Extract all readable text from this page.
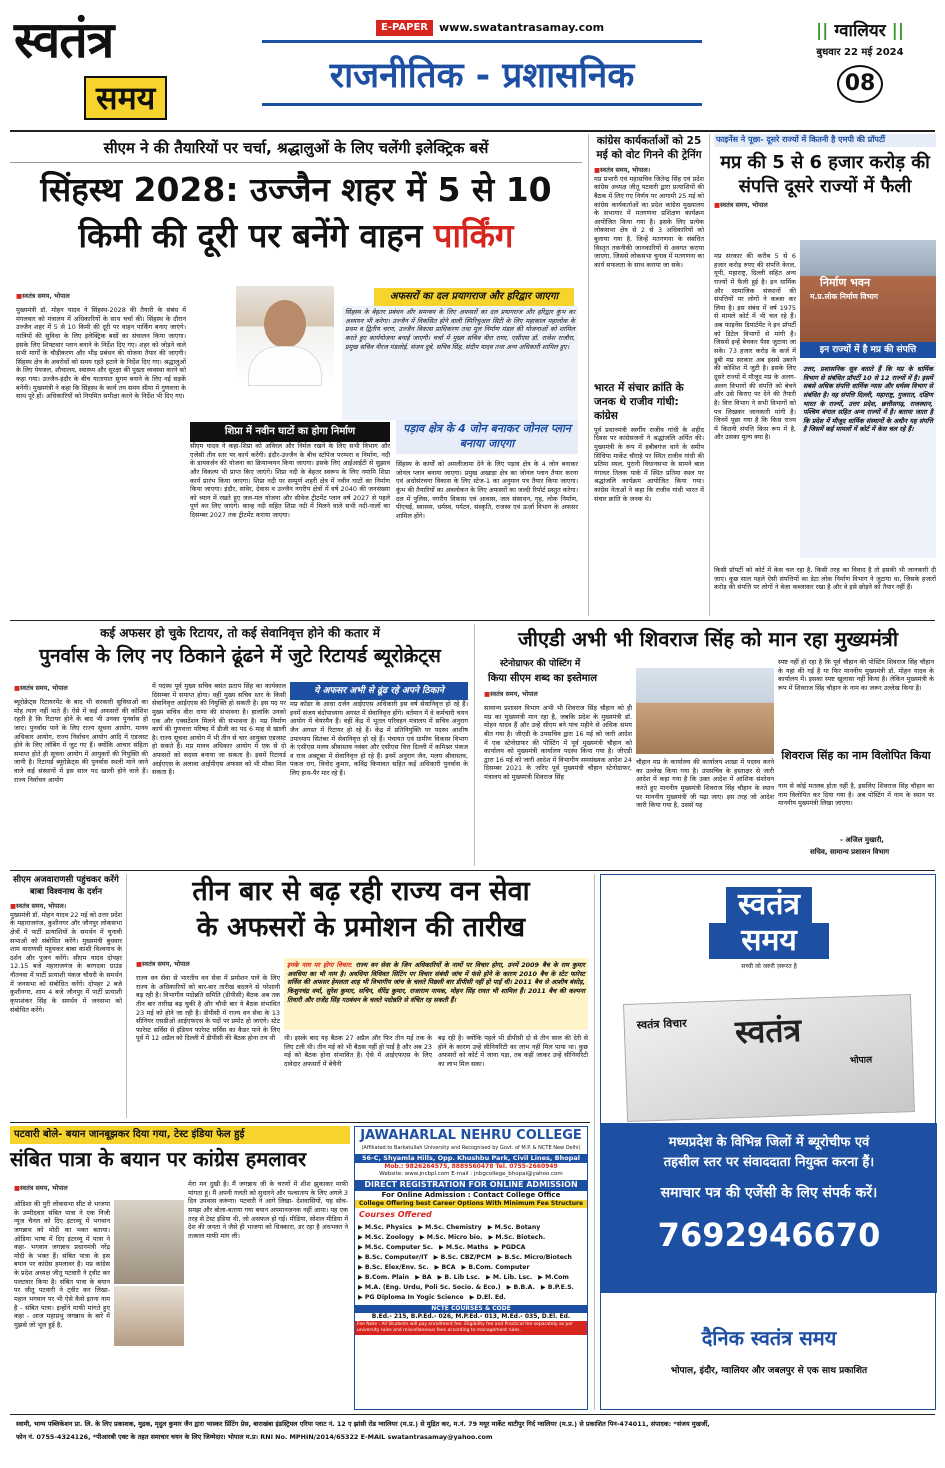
स्वतंत्र
समय
E-PAPER	www.swatantrasamay.com
राजनीतिक - प्रशासनिक
|| ग्वालियर ||
बुधवार 22 मई 2024
08
सीएम ने की तैयारियों पर चर्चा, श्रद्धालुओं के लिए चलेंगी इलेक्ट्रिक बसें
सिंहस्थ 2028: उज्जैन शहर में 5 से 10
किमी की दूरी पर बनेंगे वाहन पार्किंग
■ स्वतंत्र समय, भोपाल
मुख्यमंत्री डॉ. मोहन यादव ने सिंहस्थ-2028 की तैयारी के संबंध में मंगलवार को मंत्रालय में अधिकारियों के साथ चर्चा की। सिंहस्थ के दौरान उज्जैन शहर में 5 से 10 किमी की दूरी पर वाहन पार्किंग बनाए जाएंगे। यात्रियों की सुविधा के लिए इलेक्ट्रिक बसों का संचालन किया जाएगा। इसके लिए शिफ्टवार प्लान बनाने के निर्देश दिए गए। शहर को जोड़ने वाले सभी मार्गों के चौड़ीकरण और भीड़ प्रबंधन की योजना तैयार की जाएगी। सिंहस्थ क्षेत्र के अवरोधों को समय रहते हटाने के निर्देश दिए गए। श्रद्धालुओं के लिए पेयजल, शौचालय, स्वास्थ्य और सुरक्षा की पुख्ता व्यवस्था करने को कहा गया। उज्जैन-इंदौर के बीच यातायात सुगम बनाने के लिए नई सड़कें बनेंगी। मुख्यमंत्री ने कहा कि सिंहस्थ के कार्य तय समय सीमा में गुणवत्ता के साथ पूरे हों। अधिकारियों को नियमित समीक्षा करने के निर्देश भी दिए गए।
अफसरों का दल प्रयागराज और हरिद्वार जाएगा
सिंहस्थ के बेहतर प्रबंधन और समन्वय के लिए अफसरों का दल प्रयागराज और हरिद्वार कुंभ का अध्ययन भी करेगा। उज्जैन में विकसित होने वाली स्पिरिचुअल सिटी के लिए महाकाल महालोक के प्रथम व द्वितीय चरण, उज्जैन विकास प्राधिकरण तथा मूल निर्माण मंडल की योजनाओं को शामिल करते हुए कार्ययोजना बनाई जाएगी। चर्चा में मुख्य सचिव वीरा राणा, एसीएस डॉ. राजेश राजौरा, प्रमुख सचिव नीरज मंडलोई, संजय दुबे, सचिव सिंह, संदीप यादव तथा अन्य अधिकारी शामिल हुए।
शिप्रा में नवीन घाटों का होगा निर्माण
सीएम यादव ने कहा-शिप्रा को अविरल और निर्मल रखने के लिए सभी विभाग और एजेंसी तीन स्तर पर कार्य करेंगी। इंदौर-उज्जैन के बीच स्टॉपेज परम्परा व निर्माण, नदी के डायवर्जन की योजना का क्रियान्वयन किया जाएगा। इसके लिए आईआईटी से सुझाव और विकल्प भी प्राप्त किए जाएंगे। शिप्रा नदी के बेहतर स्वरूप के लिए नमामि शिप्रा कार्य प्रारंभ किया जाएगा। शिप्रा नदी पर सम्पूर्ण शहरी क्षेत्र में नवीन घाटों का निर्माण किया जाएगा। इंदौर, सांवेर, देवास व उज्जैन नगरीय क्षेत्रों में वर्ष 2040 की जनसंख्या को ध्यान में रखते हुए जल-मल योजना और सीवेज ट्रीटमेंट प्लान वर्ष 2027 से पहले पूर्ण कर लिए जाएंगे। कान्ह नदी सहित शिप्रा नदी में मिलने वाले सभी नदी-नालों का दिसम्बर 2027 तक ट्रीटमेंट कराया जाएगा।
पड़ाव क्षेत्र के 4 जोन बनाकर जोनल प्लान बनाया जाएगा
सिंहस्थ के कार्यों को अमलीजामा देने के लिए पड़ाव क्षेत्र के 4 जोन बनाकर जोनल प्लान बनाया जाएगा। प्रमुख अखाड़ा क्षेत्र का जोनल प्लान तैयार करना एवं अधोसंरचना विकास के लिए स्टेज-1 का अनुमान पत्र तैयार किया जाएगा। कुंभ की तैयारियों का अवलोकन के लिए अफसरों का जल्दी रिपोर्ट प्रस्तुत करेगा। दल में पुलिस, नगरीय विकास एवं आवास, जल संसाधन, गृह, लोक निर्माण, पीएचई, स्वास्थ्य, धर्मस्व, पर्यटन, संस्कृति, राजस्व एवं ऊर्जा विभाग के अफसर शामिल होंगे।
कांग्रेस कार्यकर्ताओं को 25 मई को वोट गिनने की ट्रेनिंग
■ स्वतंत्र समय, भोपाल।
मप्र प्रभारी एवं महासचिव जितेन्द्र सिंह एवं प्रदेश कांग्रेस अध्यक्ष जीतू पटवारी द्वारा प्रत्याशियों की बैठक में लिए गए निर्णय पर आगामी 25 मई को कांग्रेस कार्यकर्ताओं का प्रदेश कांग्रेस मुख्यालय के सभागार में मतगणना प्रशिक्षण कार्यक्रम आयोजित किया गया है। इसके लिए प्रत्येक लोकसभा क्षेत्र से 2 से 3 अधिकारियों को बुलाया गया है, जिन्हें मतगणना के संबंधित विस्तृत तकनीकी जानकारियों से अवगत कराया जाएगा, जिससे लोकसभा चुनाव में मतगणना का कार्य सफलता के साथ कराया जा सके।
भारत में संचार क्रांति के जनक थे राजीव गांधी: कांग्रेस
पूर्व प्रधानमंत्री स्वर्गीय राजीव गांधी के शहीद दिवस पर कांग्रेसजनों ने श्रद्धांजलि अर्पित की। मुख्यमंत्री के रूप में हबीबगंज थाने के समीप सिंधिया मार्केट चौराहे पर स्थित राजीव गांधी की प्रतिमा स्थल, पुरानी विधानसभा के सामने बाल गंगाधर तिलक पार्क में स्थित प्रतिमा स्थल पर श्रद्धांजलि कार्यक्रम आयोजित किया गया। कांग्रेस नेताओं ने कहा कि राजीव गांधी भारत में संचार क्रांति के जनक थे।
फाइनेंस ने पूछा- दूसरे राज्यों में कितनी है एमपी की प्रॉपर्टी
मप्र की 5 से 6 हजार करोड़ की संपत्ति दूसरे राज्यों में फैली
■ स्वतंत्र समय, भोपाल
मप्र सरकार की करीब 5 से 6 हजार करोड़ रुपए की संपत्ति केरल, यूपी, महाराष्ट्र, दिल्ली सहित अन्य राज्यों में फैली हुई है। इन धार्मिक और सामाजिक संस्थानों की संपत्तियों पर लोगों ने कब्जा कर लिया है। इस संबंध में वर्ष 1975 से मामले कोर्ट में भी चल रहे हैं। अब फाइनेंस डिपार्टमेंट ने इन प्रॉपर्टी को डिटेल विभागों से मांगी है। जिससे इन्हें बेचकर पैसा जुटाया जा सके। 73 हजार करोड़ के कर्ज में डूबी मप्र सरकार अब इससे उबरने की कोशिश में जुटी है। इसके लिए दूसरे राज्यों में मौजूद मप्र के अलग-अलग विभागों की संपत्ति को बेचने और उसे किराए पर देने की तैयारी है। वित्त विभाग ने सभी विभागों को पत्र लिखकर जानकारी मांगी है। जिनमें पूछा गया है कि किस राज्य में कितनी संपत्ति किस रूप में है, और उसका मूल्य क्या है।
निर्माण भवन
म.प्र.लोक निर्माण विभाग
इन राज्यों में है मप्र की संपत्ति
उत्तर, प्रशासनिक सूत्र बताते हैं कि मप्र के धार्मिक विभाग से संबंधित प्रॉपर्टी 10 से 12 राज्यों में है। इसमें सबसे अधिक संपत्ति धार्मिक न्यास और धर्मस्व विभाग से संबंधित है। यह संपत्ति दिल्ली, महाराष्ट्र, गुजरात, दक्षिण भारत के राज्यों, उत्तर प्रदेश, छत्तीसगढ़, राजस्थान, पश्चिम बंगाल सहित अन्य राज्यों में है। बताया जाता है कि प्रदेश में मौजूद धार्मिक संस्थानों के अधीन यह संपत्ति है जिसमें कई मामलों में कोर्ट में केस चल रहे हैं।
किसी प्रॉपर्टी को कोर्ट में केस चल रहा है, किसी तरह का विवाद है तो इसकी भी जानकारी दी जाए। कुछ साल पहले ऐसी संपत्तियों का डेटा लोक निर्माण विभाग ने जुटाया था, जिसके हजारों करोड़ की संपत्ति पर लोगों ने बेजा कब्जाकर रखा है और वे इसे छोड़ने को तैयार नहीं हैं।
कई अफसर हो चुके रिटायर, तो कई सेवानिवृत्त होने की कतार में
पुनर्वास के लिए नए ठिकाने ढूंढने में जुटे रिटायर्ड ब्यूरोक्रेट्स
■ स्वतंत्र समय, भोपाल
ब्यूरोक्रेट्स रिटायरमेंट के बाद भी सरकारी सुविधाओं का मोह त्याग नहीं पाते हैं। ऐसे में कई अफसरों की कोशिश रहती है कि रिटायर होने के बाद भी उनका पुनर्वास हो जाए। पुनर्वास पाने के लिए राज्य सूचना आयोग, मानव अधिकार आयोग, राज्य निर्वाचन आयोग आदि में एडजस्ट होने के लिए लॉबिंग में जुट गए हैं। क्योंकि आचार संहिता समाप्त होते ही सूचना आयोग में आयुक्तों की नियुक्ति की जानी है। रिटायर्ड ब्यूरोक्रेट्स की पुनर्वास स्थली माने जाने वाले कई संस्थानों में इस साल पद खाली होने वाले हैं। राज्य निर्वाचन आयोग
में पदस्थ पूर्व मुख्य सचिव बसंत प्रताप सिंह का कार्यकाल दिसम्बर में समाप्त होगा। वहीं मुख्य सचिव स्तर के किसी सेवानिवृत्त आईएएस की नियुक्ति हो सकती है। इस पद पर मुख्य सचिव वीरा राणा की संभावना है। हालांकि उनको एक और एक्सटेंशन मिलने की संभावना है। मप्र निर्माण कार्य की गुणवत्ता परिषद में डीजी का पद 6 माह से खाली है। राज्य सूचना आयोग में भी तीन से चार आयुक्त एडजस्ट हो सकते हैं। मप्र मानव अधिकार आयोग में एक से दो अफसरों को सदस्य बनाया जा सकता है। इसमें रिटायर्ड आईएएस के अलावा आईपीएस अफसर को भी मौका मिल सकता है।
ये अफसर अभी से ढूंढ रहे अपने ठिकाने
मप्र कॉडर के आधा दर्जन आईएएस अधिकारी इस वर्ष सेवानिवृत्त हो रहे हैं। इनमें संजय बंदोपाध्याय अगस्त में सेवानिवृत्त होंगे। वर्तमान में वे कर्मचारी चयन आयोग में चेयरमैन हैं। वहीं केंद्र में भूतल परिवहन मंत्रालय में सचिव अनुराग जैन अगस्त में रिटायर हो रहे हैं। केंद्र में प्रतिनियुक्ति पर पदस्थ आशीष उपाध्याय सितंबर में सेवानिवृत्त हो रहे हैं। पंचायत एवं ग्रामीण विकास विभाग के एसीएस मलय श्रीवास्तव नवंबर और एसीएस वित्त दिल्ली में कमिश्नर पंकज व राज अक्टूबर में सेवानिवृत्त हो रहे हैं। इनमें अनुराग जैन, मलय श्रीवास्तव, पंकज राग, विनोद कुमार, कविंद्र कियावत सहित कई अधिकारी पुनर्वास के लिए हाथ-पैर मार रहे हैं।
जीएडी अभी भी शिवराज सिंह को मान रहा मुख्यमंत्री
स्टेनोग्राफर की पोस्टिंग में
किया सीएम शब्द का इस्तेमाल
■ स्वतंत्र समय, भोपाल
सामान्य प्रशासन विभाग अभी भी शिवराज सिंह चौहान को ही मप्र का मुख्यमंत्री मान रहा है, जबकि प्रदेश के मुख्यमंत्री डॉ. मोहन यादव हैं और उन्हें सीएम बने पांच महीने से अधिक समय बीत गया है। जीएडी के उपसचिव द्वारा 16 मई को जारी आदेश में एक स्टेनोग्राफर की पोस्टिंग में पूर्व मुख्यमंत्री चौहान को कार्यालय को मुख्यमंत्री कार्यालय पदस्थ किया गया है। जीएडी द्वारा 16 मई को जारी आदेश में विभागीय समसंख्यक आदेश 24 दिसम्बर 2021 के जरिए पूर्व मुख्यमंत्री चौहान स्टेनोग्राफर, मंत्रालय को मुख्यमंत्री शिवराज सिंह
चौहान मप्र के कार्यालय की कार्यालय शाखा में पदस्थ करने का उल्लेख किया गया है। उपसचिव के हस्ताक्षर से जारी आदेश में कहा गया है कि उक्त आदेश में आंशिक संशोधन करते हुए माननीय मुख्यमंत्री शिवराज सिंह चौहान के स्थान पर माननीय मुख्यमंत्री जी पढ़ा जाए। इस तरह जो आदेश जारी किया गया है, उससे यह
स्पष्ट नहीं हो रहा है कि पूर्व चौहान की पोस्टिंग शिवराज सिंह चौहान के यहां की गई है या फिर माननीय मुख्यमंत्री डॉ. मोहन यादव के कार्यालय में। इसका स्पष्ट खुलासा नहीं किया है। लेकिन मुख्यमंत्री के रूप में शिवराज सिंह चौहान के नाम का जरूर उल्लेख किया है।
शिवराज सिंह का नाम विलोपित किया
नाम से कोई मतलब होता नहीं है, इसलिए शिवराज सिंह चौहान का नाम विलोपित कर दिया गया है। अब पोस्टिंग में नाम के स्थान पर माननीय मुख्यमंत्री लिखा जाएगा।
- अजिल मुखारी,
सचिव, सामान्य प्रशासन विभाग
सीएम अजवाराणसी पहुंचकर करेंगे बाबा विश्वनाथ के दर्शन
■ स्वतंत्र समय, भोपाल।
मुख्यमंत्री डॉ. मोहन यादव 22 मई को उत्तर प्रदेश के महाराजगंज, कुशीनगर और जौनपुर लोकसभा क्षेत्रों में पार्टी प्रत्याशियों के समर्थन में चुनावी सभाओं को संबोधित करेंगे। मुख्यमंत्री बुधवार शाम वाराणसी पहुंचकर बाबा काशी विश्वनाथ के दर्शन और पूजन करेंगे। सीएम यादव दोपहर 12.15 बजे महाराजगंज के बरगदवा ग्राउंड नौतनवा में पार्टी प्रत्याशी पंकज चौधरी के समर्थन में जनसभा को संबोधित करेंगे। दोपहर 2 बजे कुशीनगर, शाम 4 बजे जौनपुर में पार्टी प्रत्याशी कृपाशंकर सिंह के समर्थन में जनसभा को संबोधित करेंगे।
तीन बार से बढ़ रही राज्य वन सेवा
के अफसरों के प्रमोशन की तारीख
■ स्वतंत्र समय, भोपाल
राज्य वन सेवा से भारतीय वन सेवा में प्रमोशन पाने के लिए राज्य के अधिकारियों को बार-बार तारीख बदलने से परेशानी बढ़ रही है। विभागीय पदोन्नति समिति (डीपीसी) बैठक अब तक तीन बार तारीख बढ़ चुकी है और चौथी बार ये बैठक संभावित 23 मई को होने जा रही है। डीपीसी में राज्य वन सेवा के 13 सीनियर एसडीओ आईएफएस के पदों पर प्रमोट हो जाएंगे। स्टेट फारेस्ट सर्विस से इंडियन फारेस्ट सर्विस का कैडर पाने के लिए पूर्व में 12 अप्रैल को दिल्ली में डीपीसी की बैठक होना तय थी
इनके नाम पर होगा विचार: राज्य वन सेवा के जिन अधिकारियों के नामों पर विचार होगा, उनमें 2009 बैच के राम कुमार अवधिया का भी नाम है। अवधिया विधिवत सिटिंग पर विचार संबंधी जांच में फंसे होने के कारण 2010 बैच के स्टेट फारेस्ट सर्विस की अफसर हेमलता शाह भी विभागीय जांच के चलते पिछली बार डीपीसी नहीं हो पाई थी। 2011 बैच से आशीष बंसोड़, किशुनचंद्र वर्मा, सुरेश कुमार, सचिन, वीरेंद्र कुमार, राजाराम नायक, मोहन सिंह रावत भी शामिल हैं। 2011 बैच की कल्पना तिवारी और राजेंद्र सिंह गठबंधन के चलते पदोन्नति से वंचित रह सकती हैं।
थी। इसके बाद यह बैठक 27 अप्रैल और फिर तीन मई तक के लिए टली थी। तीन मई को भी बैठक नहीं हो पाई है और अब 23 मई को बैठक होना संभावित है। ऐसे में आईएफएस के लिए दावेदार अफसरों में बेचैनी
बढ़ रही है। क्योंकि पहले भी डीपीसी दो से तीन साल की देरी से होने के कारण उन्हें सीनियरिटी का लाभ नहीं मिल पाया था। कुछ अफसरों को कोर्ट में जाना पड़ा, तब कहीं जाकर उन्हें सीनियरिटी का लाभ मिल सका।
स्वतंत्र
समय
सच्ची जो जरुरी ज़रूरत है
स्वतंत्र विचार स्वतंत्र
भोपाल
मध्यप्रदेश के विभिन्न जिलों में ब्यूरोचीफ एवं
तहसील स्तर पर संवाददाता नियुक्त करना हैं।
समाचार पत्र की एजेंसी के लिए संपर्क करें।
7692946670
दैनिक स्वतंत्र समय
भोपाल, इंदौर, ग्वालियर और जबलपुर से एक साथ प्रकाशित
पटवारी बोले- बयान जानबूझकर दिया गया, टेस्ट इंडिया फेल हुई
संबित पात्रा के बयान पर कांग्रेस हमलावर
■ स्वतंत्र समय, भोपाल
ओडिशा की पुरी लोकसभा सीट से भाजपा के उम्मीदवार संबित पात्रा ने एक निजी न्यूज चैनल को दिए इंटरव्यू में भगवान जगन्नाथ को मोदी का भक्त बताया। ओडिया भाषा में दिए इंटरव्यू में पात्रा ने कहा- भगवान जगन्नाथ प्रधानमंत्री नरेंद्र मोदी के भक्त हैं। संबित पात्रा के इस बयान पर कांग्रेस हमलावर है। मप्र कांग्रेस के प्रदेश अध्यक्ष जीतू पटवारी ने ट्वीट कर पलटवार किया है। संबित पात्रा के बयान पर जीतू पटवारी ने ट्वीट कर लिखा- महान भगवान पर भी ऐसे कैसे इतना नाम है - संबित पात्रा। इन्होंने माफी मांगते हुए कहा - आज महाप्रभु जगन्नाथ के बारे में मुझसे जो भूल हुई है,
मेरा मन दुखी है। मैं जगन्नाथ जी के चरणों में शीश झुकाकर माफी मांगता हूं। मैं अपनी गलती को सुधारने और पश्चाताप के लिए अगले 3 दिन उपवास करूंगा। पटवारी ने आगे लिखा- देशवासियों, यह सोच-समझ और बोला-बताया गया बयान अपमानजनक नहीं आया। यह एक तरह से टेस्ट इंडिया थी, जो असफल हो गई। मीडिया, सोशल मीडिया में देश की जनता ने जैसे ही भाजपा को धिक्कारा, डर रहा है अंधभक्त ने तत्काल माफी मांग ली।
JAWAHARLAL NEHRU COLLEGE
(Affiliated to Barkatullah University and Recognised by Govt. of M.P. & NCTE New Delhi)
56-C, Shyamla Hills, Opp. Khushbu Park, Civil Lines, Bhopal
Mob.: 9826264575, 8889560478 Tel. 0755-2660949
Website: www.jncbpl.com E-mail : jnbgcollege_bhopal@yahoo.com
DIRECT REGISTRATION FOR ONLINE ADMISSION
For Online Admission : Contact College Office
College Offering best Career Options With Minimum Fee Structure
Courses Offered
▶ M.Sc. Physics ▶ M.Sc. Chemistry ▶ M.Sc. Botany
▶ M.Sc. Zoology ▶ M.Sc. Micro bio. ▶ M.Sc. Biotech.
▶ M.Sc. Computer Sc. ▶ M.Sc. Maths ▶ PGDCA
▶ B.Sc. Computer/IT ▶ B.Sc. CBZ/PCM ▶ B.Sc. Micro/Biotech
▶ B.Sc. Elex/Env. Sc. ▶ BCA ▶ B.Com. Computer
▶ B.Com. Plain ▶ BA ▶ B. Lib Lsc. ▶ M. Lib. Lsc. ▶ M.Com
▶ M.A. (Eng. Urdu, Poli Sc. Socio. & Eco.) ▶ B.B.A. ▶ B.P.E.S.
▶ PG Diploma In Yogic Science ▶ D.El. Ed.
NCTE COURSES & CODE
B.Ed.- 215, B.P.Ed.- 026, M.P.Ed.- 013, M.Ed.- 035, D.El. Ed.
Fee Note : All Students will pay enrollment fee. Eligibility fee and Practical fee separately as per university rules and miscellaneous fees according to management rules.
स्वामी, भाग्य पब्लिकेशन प्रा. लि. के लिए प्रकाशक, मुद्रक, मृदुल कुमार जैन द्वारा भास्कर प्रिंटिंग प्रेस, बाराखंबा इंडस्ट्रियल एरिया प्लाट नं. 12 ए झांसी रोड ग्वालियर (म.प्र.) से मुद्रित कर, म.नं. 79 मयूर मार्केट थाटीपुर गिर्द ग्वालियर (म.प्र.) से प्रकाशित पिन-474011, संपादक: *संजय मुखर्जी,
फोन नं. 0755-4324126, *पीआरबी एक्ट के तहत समाचार चयन के लिए जिम्मेदार। भोपाल म.प्र। RNI No. MPHIN/2014/65322 E-MAIL swatantrasamay@yahoo.com
